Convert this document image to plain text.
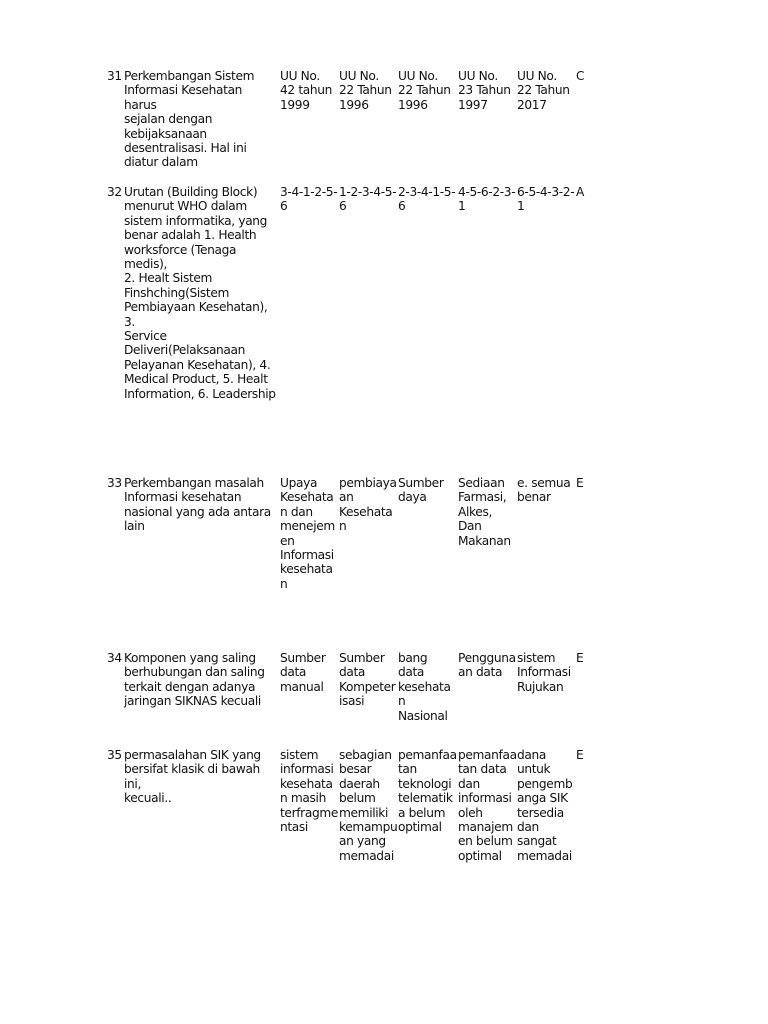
31 Perkembangan Sistem
Informasi Kesehatan harus
sejalan dengan
kebijaksanaan
desentralisasi. Hal ini
diatur dalam

UU No.
42 tahun
1999

UU No.
22 Tahun
1996

UU No.
22 Tahun
1996

UU No.
23 Tahun
1997

UU No.
22 Tahun
2017

C

32 Urutan (Building Block)
menurut WHO dalam
sistem informatika, yang
benar adalah 1. Health
worksforce (Tenaga medis),
2. Healt Sistem
Finshching(Sistem
Pembiayaan Kesehatan), 3.
Service
Deliveri(Pelaksanaan
Pelayanan Kesehatan), 4.
Medical Product, 5. Healt
Information, 6. Leadership

3-4-1-2-5-
6

1-2-3-4-5-
6

2-3-4-1-5-
6

4-5-6-2-3-
1

6-5-4-3-2-
1

A

33 Perkembangan masalah
Informasi kesehatan
nasional yang ada antara
lain

Upaya
Kesehata
n dan
menejem
en
Informasi
kesehata
n

pembiaya
an
Kesehata
n

Sumber
daya

Sediaan
Farmasi,
Alkes,
Dan
Makanan

e. semua
benar

E

34 Komponen yang saling
berhubungan dan saling
terkait dengan adanya
jaringan SIKNAS kecuali

Sumber
data
manual

Sumber
data
Kompeter
isasi

bang data
kesehata
n
Nasional

Pengguna
an data

sistem
Informasi
Rujukan

E

35 permasalahan SIK yang
bersifat klasik di bawah ini,
kecuali..

sistem
informasi
kesehata
n masih
terfragme
ntasi

sebagian
besar
daerah
belum
memiliki
kemampu
an yang
memadai

pemanfaa
tan
teknologi
telematik
a belum
optimal

pemanfaa
tan data
dan
informasi
oleh
manajem
en belum
optimal

dana
untuk
pengemb
anga SIK
tersedia
dan
sangat
memadai

E
